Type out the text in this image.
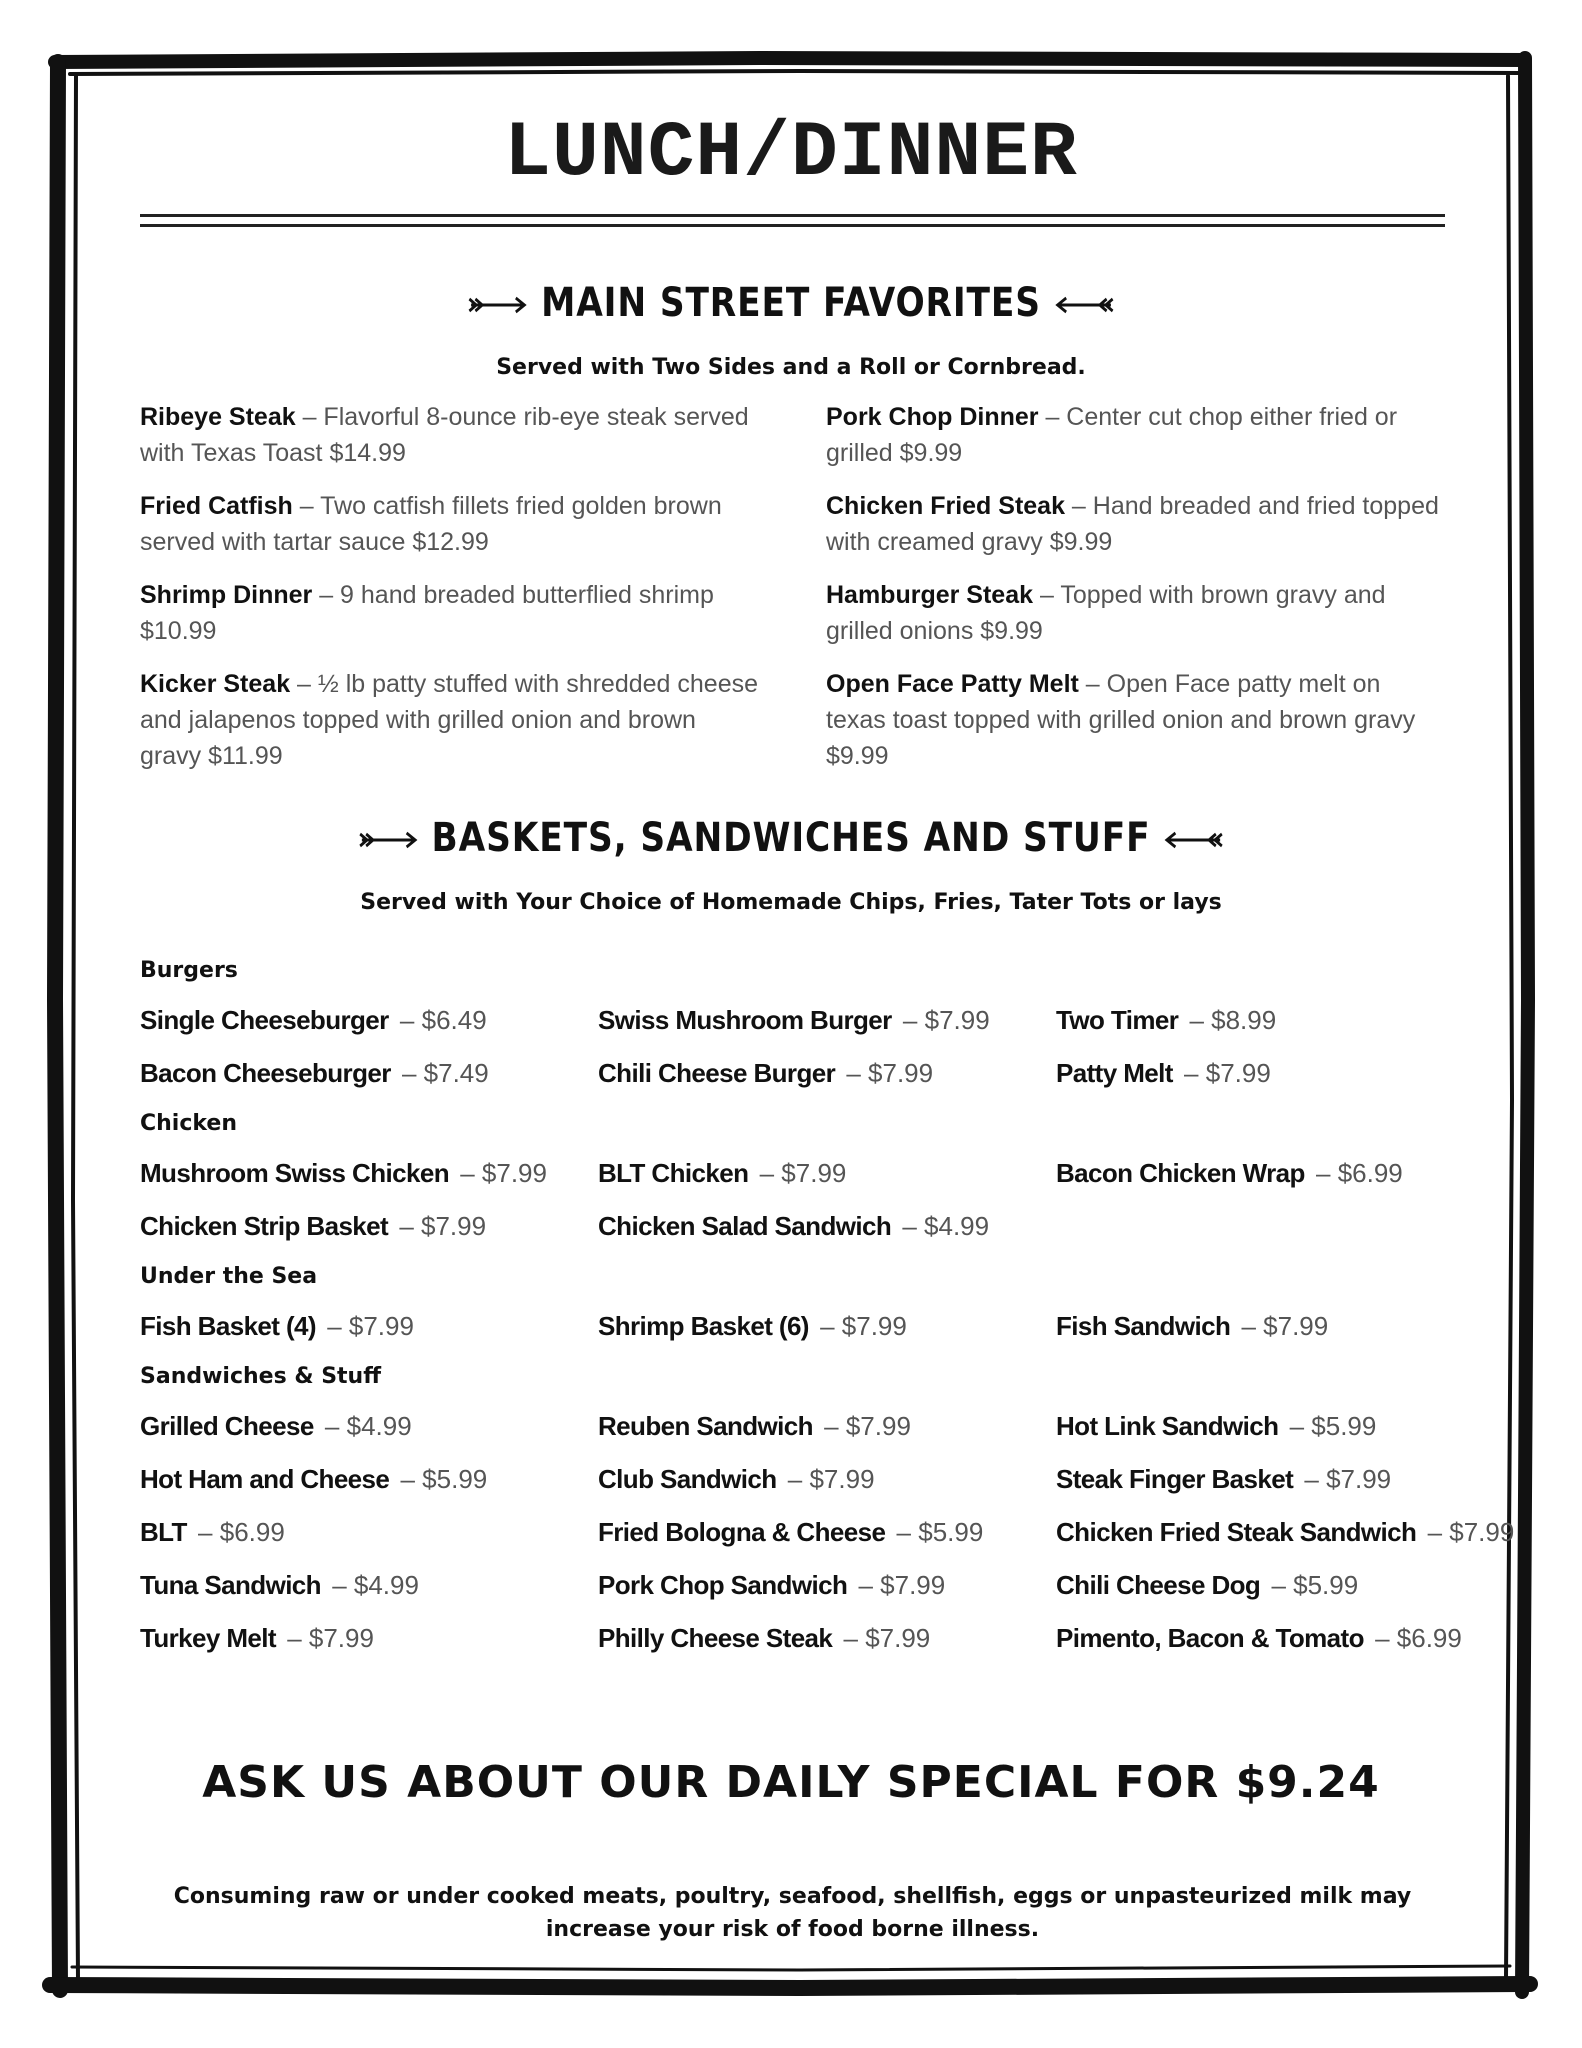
LUNCH/DINNER
MAIN STREET FAVORITES
Served with Two Sides and a Roll or Cornbread.
Ribeye Steak – Flavorful 8-ounce rib-eye steak served with Texas Toast $14.99
Pork Chop Dinner – Center cut chop either fried or grilled $9.99
Fried Catfish – Two catfish fillets fried golden brown served with tartar sauce $12.99
Chicken Fried Steak – Hand breaded and fried topped with creamed gravy $9.99
Shrimp Dinner – 9 hand breaded butterflied shrimp $10.99
Hamburger Steak – Topped with brown gravy and grilled onions $9.99
Kicker Steak – ½ lb patty stuffed with shredded cheese and jalapenos topped with grilled onion and brown gravy $11.99
Open Face Patty Melt – Open Face patty melt on texas toast topped with grilled onion and brown gravy $9.99
BASKETS, SANDWICHES AND STUFF
Served with Your Choice of Homemade Chips, Fries, Tater Tots or lays
Burgers
Single Cheeseburger – $6.49	Swiss Mushroom Burger – $7.99	Two Timer – $8.99
Bacon Cheeseburger – $7.49	Chili Cheese Burger – $7.99	Patty Melt – $7.99
Chicken
Mushroom Swiss Chicken – $7.99 BLT Chicken – $7.99	Bacon Chicken Wrap – $6.99
Chicken Strip Basket – $7.99	Chicken Salad Sandwich – $4.99
Under the Sea
Fish Basket (4) – $7.99	Shrimp Basket (6) – $7.99	Fish Sandwich – $7.99
Sandwiches & Stuff
Grilled Cheese – $4.99	Reuben Sandwich – $7.99	Hot Link Sandwich – $5.99
Hot Ham and Cheese – $5.99	Club Sandwich – $7.99	Steak Finger Basket – $7.99
BLT – $6.99	Fried Bologna & Cheese – $5.99	Chicken Fried Steak Sandwich – $7.99
Tuna Sandwich – $4.99	Pork Chop Sandwich – $7.99	Chili Cheese Dog – $5.99
Turkey Melt – $7.99	Philly Cheese Steak – $7.99	Pimento, Bacon & Tomato – $6.99
ASK US ABOUT OUR DAILY SPECIAL FOR $9.24
Consuming raw or under cooked meats, poultry, seafood, shellfish, eggs or unpasteurized milk may increase your risk of food borne illness.
